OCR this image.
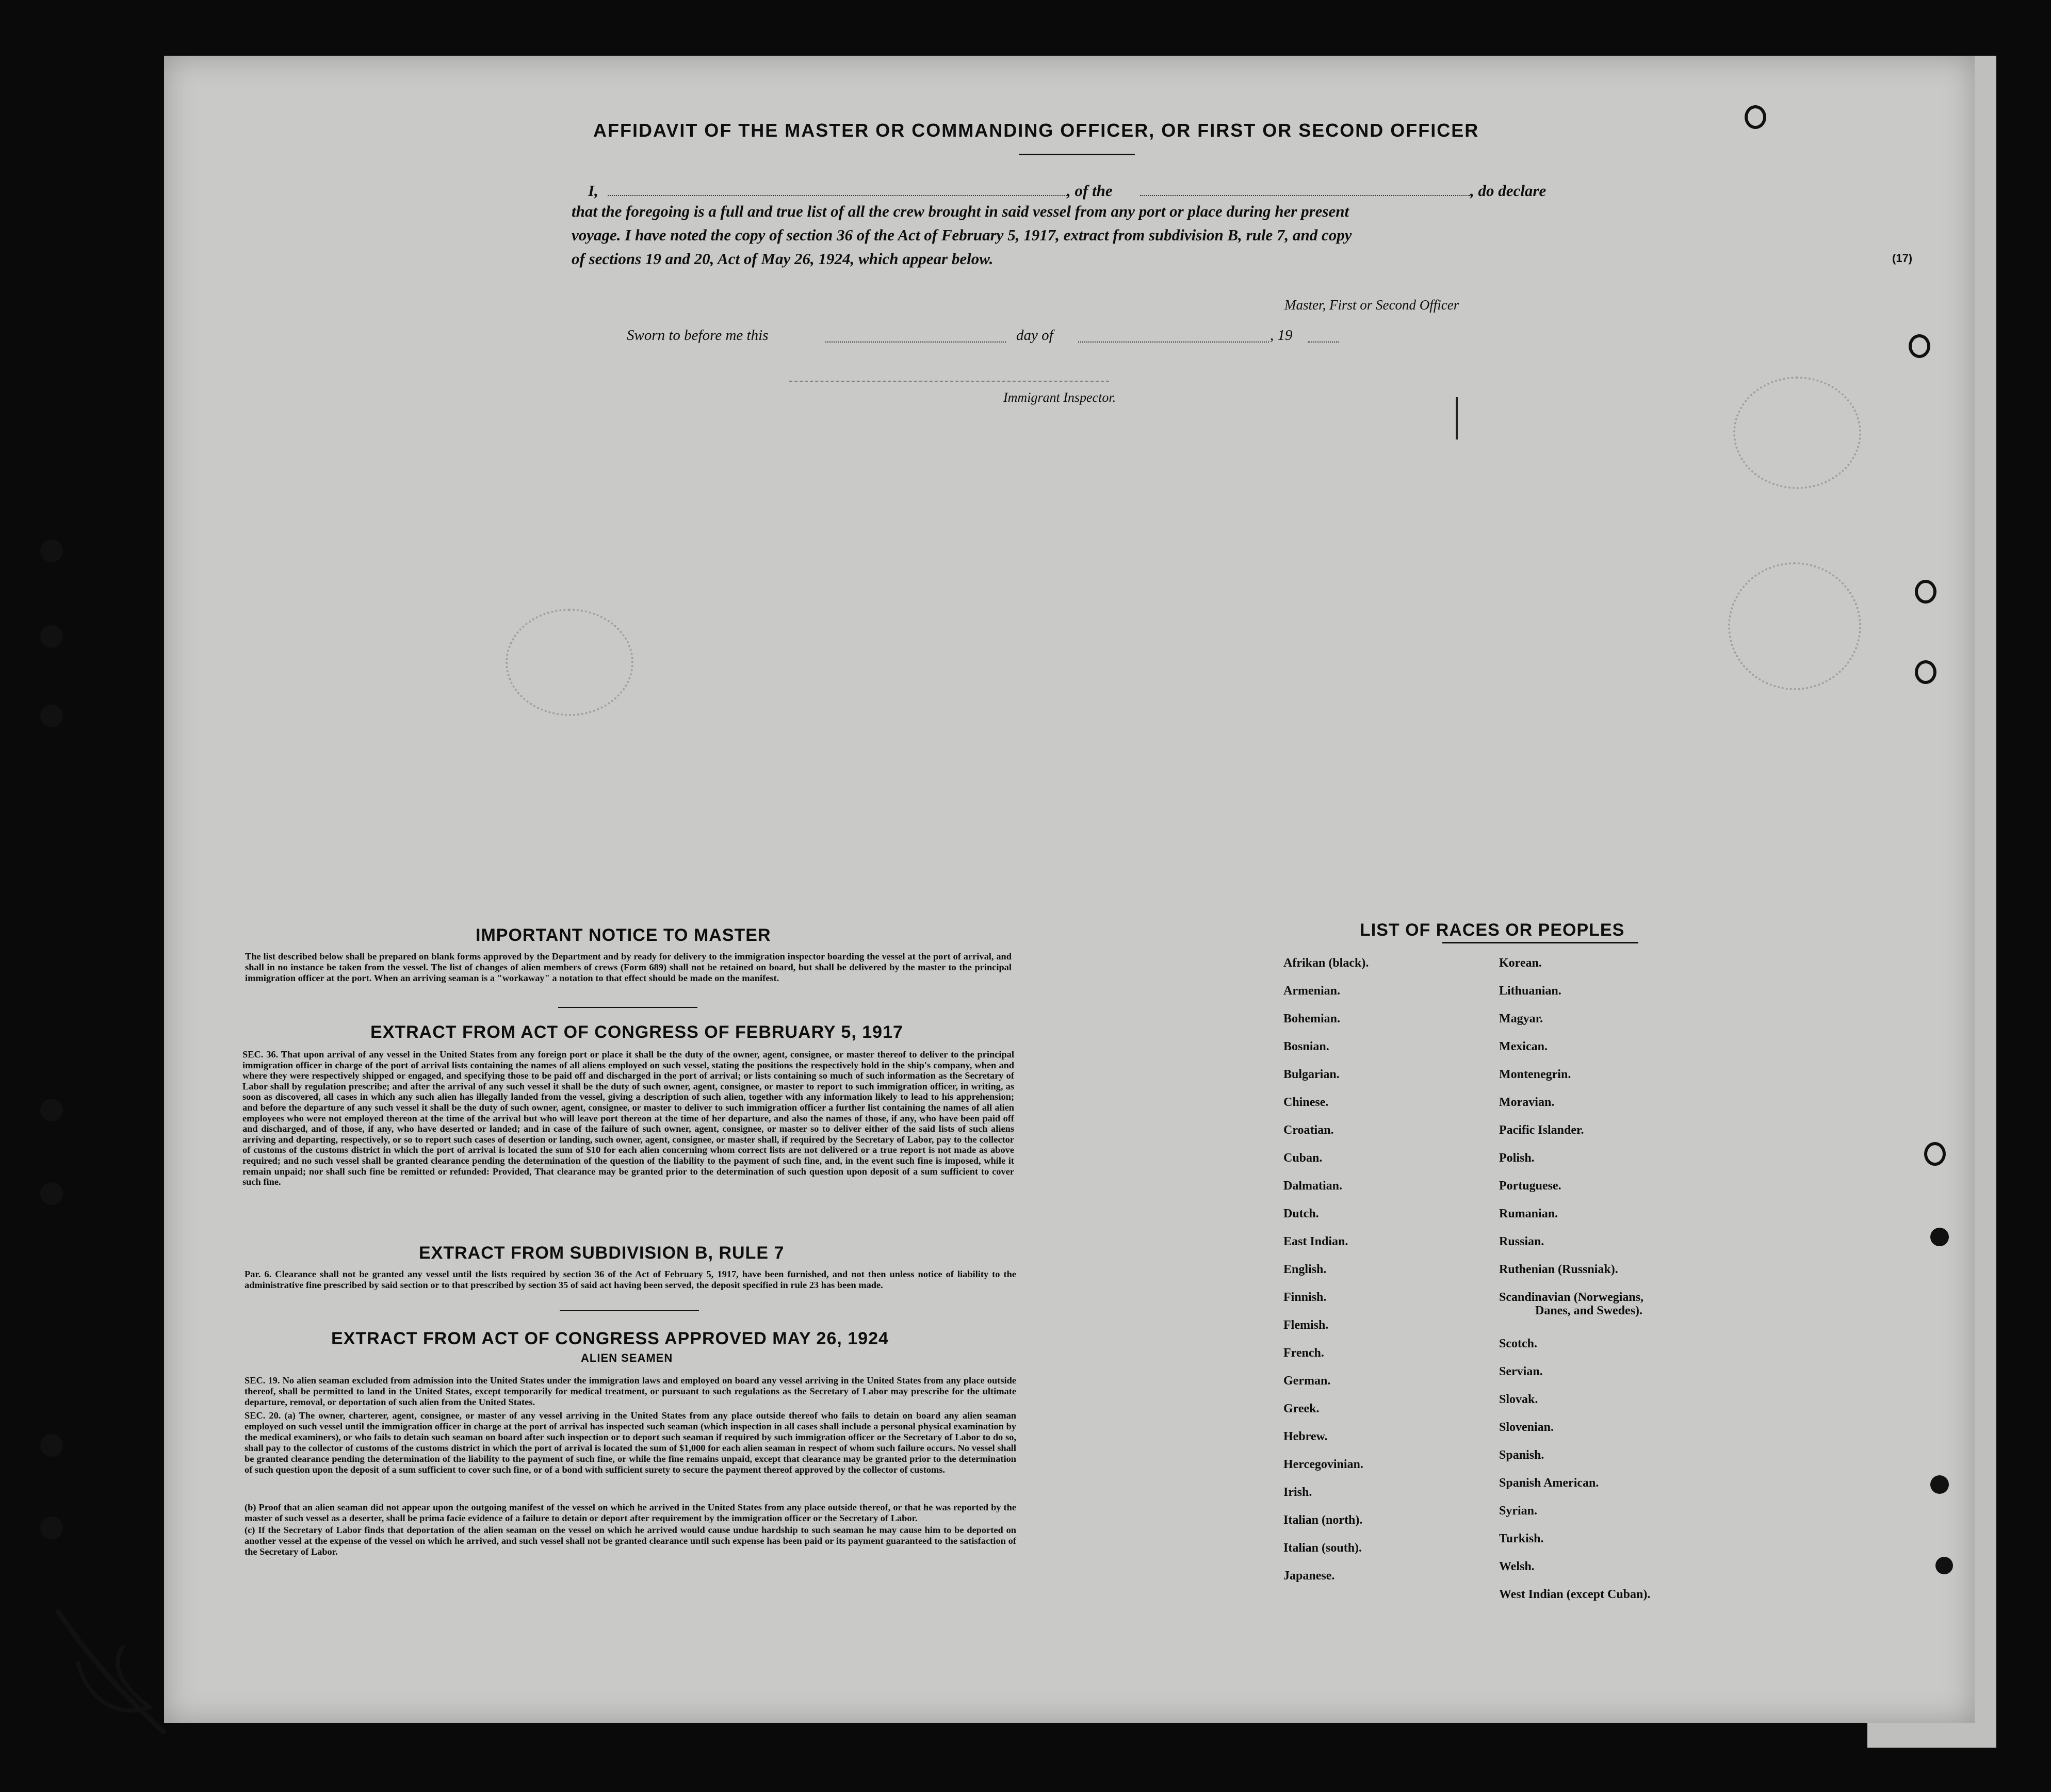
AFFIDAVIT OF THE MASTER OR COMMANDING OFFICER, OR FIRST OR SECOND OFFICER
(17)
I,	, of the	, do declare
that the foregoing is a full and true list of all the crew brought in said vessel from any port or place during her present
voyage. I have noted the copy of section 36 of the Act of February 5, 1917, extract from subdivision B, rule 7, and copy
of sections 19 and 20, Act of May 26, 1924, which appear below.
Master, First or Second Officer
Sworn to before me this	day of	, 19
Immigrant Inspector.
IMPORTANT NOTICE TO MASTER
The list described below shall be prepared on blank forms approved by the Department and by ready for delivery to the immigration inspector boarding the vessel at the port of arrival, and shall in no instance be taken from the vessel. The list of changes of alien members of crews (Form 689) shall not be retained on board, but shall be delivered by the master to the principal immigration officer at the port. When an arriving seaman is a "workaway" a notation to that effect should be made on the manifest.
EXTRACT FROM ACT OF CONGRESS OF FEBRUARY 5, 1917
SEC. 36. That upon arrival of any vessel in the United States from any foreign port or place it shall be the duty of the owner, agent, consignee, or master thereof to deliver to the principal immigration officer in charge of the port of arrival lists containing the names of all aliens employed on such vessel, stating the positions the respectively hold in the ship's company, when and where they were respectively shipped or engaged, and specifying those to be paid off and discharged in the port of arrival; or lists containing so much of such information as the Secretary of Labor shall by regulation prescribe; and after the arrival of any such vessel it shall be the duty of such owner, agent, consignee, or master to report to such immigration officer, in writing, as soon as discovered, all cases in which any such alien has illegally landed from the vessel, giving a description of such alien, together with any information likely to lead to his apprehension; and before the departure of any such vessel it shall be the duty of such owner, agent, consignee, or master to deliver to such immigration officer a further list containing the names of all alien employees who were not employed thereon at the time of the arrival but who will leave port thereon at the time of her departure, and also the names of those, if any, who have been paid off and discharged, and of those, if any, who have deserted or landed; and in case of the failure of such owner, agent, consignee, or master so to deliver either of the said lists of such aliens arriving and departing, respectively, or so to report such cases of desertion or landing, such owner, agent, consignee, or master shall, if required by the Secretary of Labor, pay to the collector of customs of the customs district in which the port of arrival is located the sum of $10 for each alien concerning whom correct lists are not delivered or a true report is not made as above required; and no such vessel shall be granted clearance pending the determination of the question of the liability to the payment of such fine, and, in the event such fine is imposed, while it remain unpaid; nor shall such fine be remitted or refunded: Provided, That clearance may be granted prior to the determination of such question upon deposit of a sum sufficient to cover such fine.
EXTRACT FROM SUBDIVISION B, RULE 7
Par. 6. Clearance shall not be granted any vessel until the lists required by section 36 of the Act of February 5, 1917, have been furnished, and not then unless notice of liability to the administrative fine prescribed by said section or to that prescribed by section 35 of said act having been served, the deposit specified in rule 23 has been made.
EXTRACT FROM ACT OF CONGRESS APPROVED MAY 26, 1924
ALIEN SEAMEN
SEC. 19. No alien seaman excluded from admission into the United States under the immigration laws and employed on board any vessel arriving in the United States from any place outside thereof, shall be permitted to land in the United States, except temporarily for medical treatment, or pursuant to such regulations as the Secretary of Labor may prescribe for the ultimate departure, removal, or deportation of such alien from the United States.
SEC. 20. (a) The owner, charterer, agent, consignee, or master of any vessel arriving in the United States from any place outside thereof who fails to detain on board any alien seaman employed on such vessel until the immigration officer in charge at the port of arrival has inspected such seaman (which inspection in all cases shall include a personal physical examination by the medical examiners), or who fails to detain such seaman on board after such inspection or to deport such seaman if required by such immigration officer or the Secretary of Labor to do so, shall pay to the collector of customs of the customs district in which the port of arrival is located the sum of $1,000 for each alien seaman in respect of whom such failure occurs. No vessel shall be granted clearance pending the determination of the liability to the payment of such fine, or while the fine remains unpaid, except that clearance may be granted prior to the determination of such question upon the deposit of a sum sufficient to cover such fine, or of a bond with sufficient surety to secure the payment thereof approved by the collector of customs.
(b) Proof that an alien seaman did not appear upon the outgoing manifest of the vessel on which he arrived in the United States from any place outside thereof, or that he was reported by the master of such vessel as a deserter, shall be prima facie evidence of a failure to detain or deport after requirement by the immigration officer or the Secretary of Labor.
(c) If the Secretary of Labor finds that deportation of the alien seaman on the vessel on which he arrived would cause undue hardship to such seaman he may cause him to be deported on another vessel at the expense of the vessel on which he arrived, and such vessel shall not be granted clearance until such expense has been paid or its payment guaranteed to the satisfaction of the Secretary of Labor.
LIST OF RACES OR PEOPLES
Afrikan (black).
Armenian.
Bohemian.
Bosnian.
Bulgarian.
Chinese.
Croatian.
Cuban.
Dalmatian.
Dutch.
East Indian.
English.
Finnish.
Flemish.
French.
German.
Greek.
Hebrew.
Hercegovinian.
Irish.
Italian (north).
Italian (south).
Japanese.
Korean.
Lithuanian.
Magyar.
Mexican.
Montenegrin.
Moravian.
Pacific Islander.
Polish.
Portuguese.
Rumanian.
Russian.
Ruthenian (Russniak).
Scandinavian (Norwegians,
Danes, and Swedes).
Scotch.
Servian.
Slovak.
Slovenian.
Spanish.
Spanish American.
Syrian.
Turkish.
Welsh.
West Indian (except Cuban).
